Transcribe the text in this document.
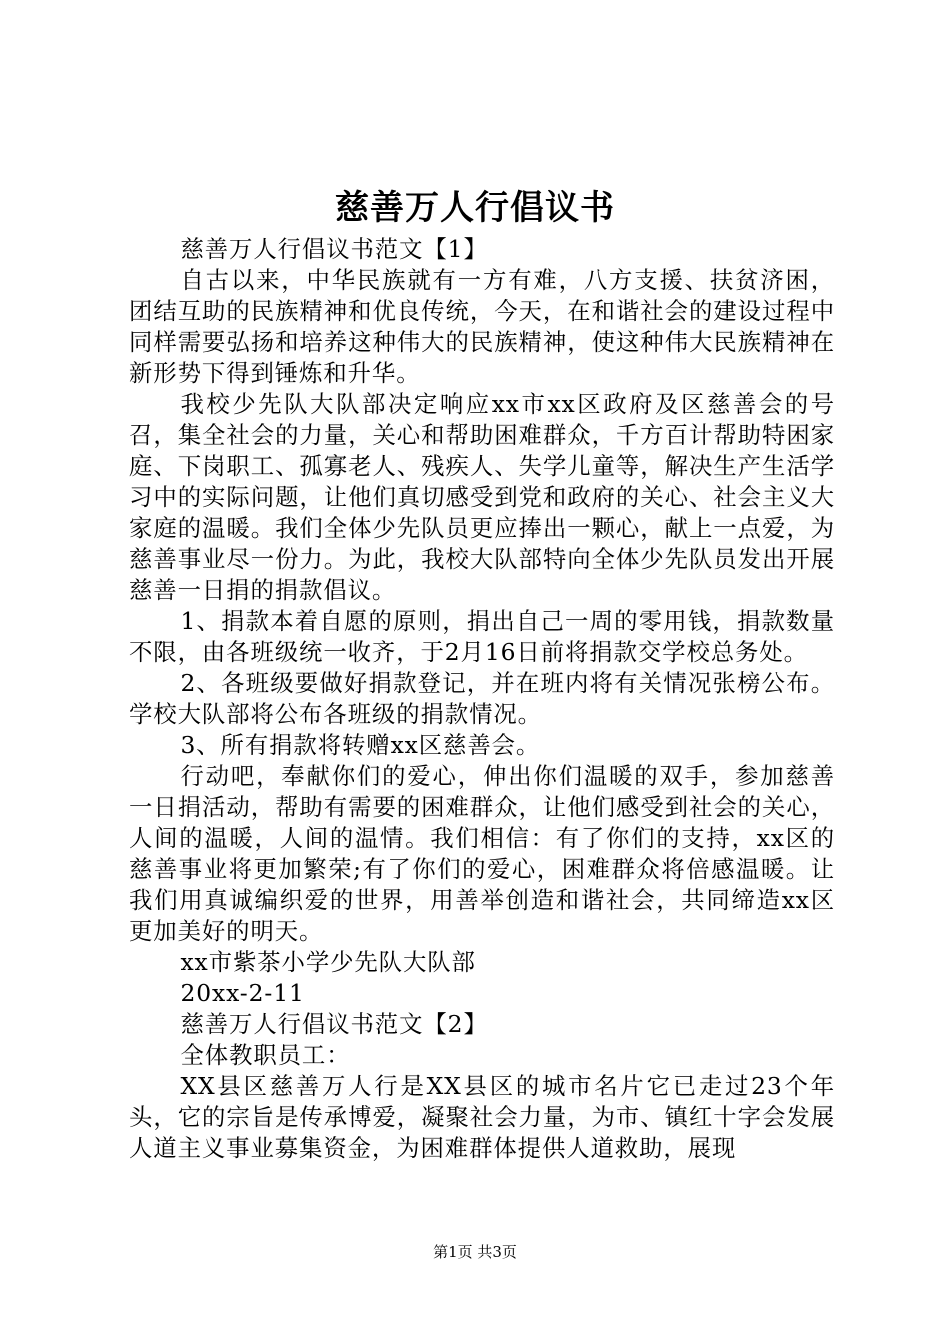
慈善万人行倡议书

慈善万人行倡议书范文【1】

自古以来，中华民族就有一方有难，八方支援、扶贫济困，团结互助的民族精神和优良传统，今天，在和谐社会的建设过程中同样需要弘扬和培养这种伟大的民族精神，使这种伟大民族精神在新形势下得到锤炼和升华。

我校少先队大队部决定响应xx市xx区政府及区慈善会的号召，集全社会的力量，关心和帮助困难群众，千方百计帮助特困家庭、下岗职工、孤寡老人、残疾人、失学儿童等，解决生产生活学习中的实际问题，让他们真切感受到党和政府的关心、社会主义大家庭的温暖。我们全体少先队员更应捧出一颗心，献上一点爱，为慈善事业尽一份力。为此，我校大队部特向全体少先队员发出开展慈善一日捐的捐款倡议。

1、捐款本着自愿的原则，捐出自己一周的零用钱，捐款数量不限，由各班级统一收齐，于2月16日前将捐款交学校总务处。

2、各班级要做好捐款登记，并在班内将有关情况张榜公布。学校大队部将公布各班级的捐款情况。

3、所有捐款将转赠xx区慈善会。

行动吧，奉献你们的爱心，伸出你们温暖的双手，参加慈善一日捐活动，帮助有需要的困难群众，让他们感受到社会的关心，人间的温暖，人间的温情。我们相信：有了你们的支持，xx区的慈善事业将更加繁荣;有了你们的爱心，困难群众将倍感温暖。让我们用真诚编织爱的世界，用善举创造和谐社会，共同缔造xx区更加美好的明天。

xx市紫茶小学少先队大队部

20xx-2-11

慈善万人行倡议书范文【2】

全体教职员工：

XX县区慈善万人行是XX县区的城市名片它已走过23个年头，它的宗旨是传承博爱，凝聚社会力量，为市、镇红十字会发展人道主义事业募集资金，为困难群体提供人道救助，展现

第1页 共3页
